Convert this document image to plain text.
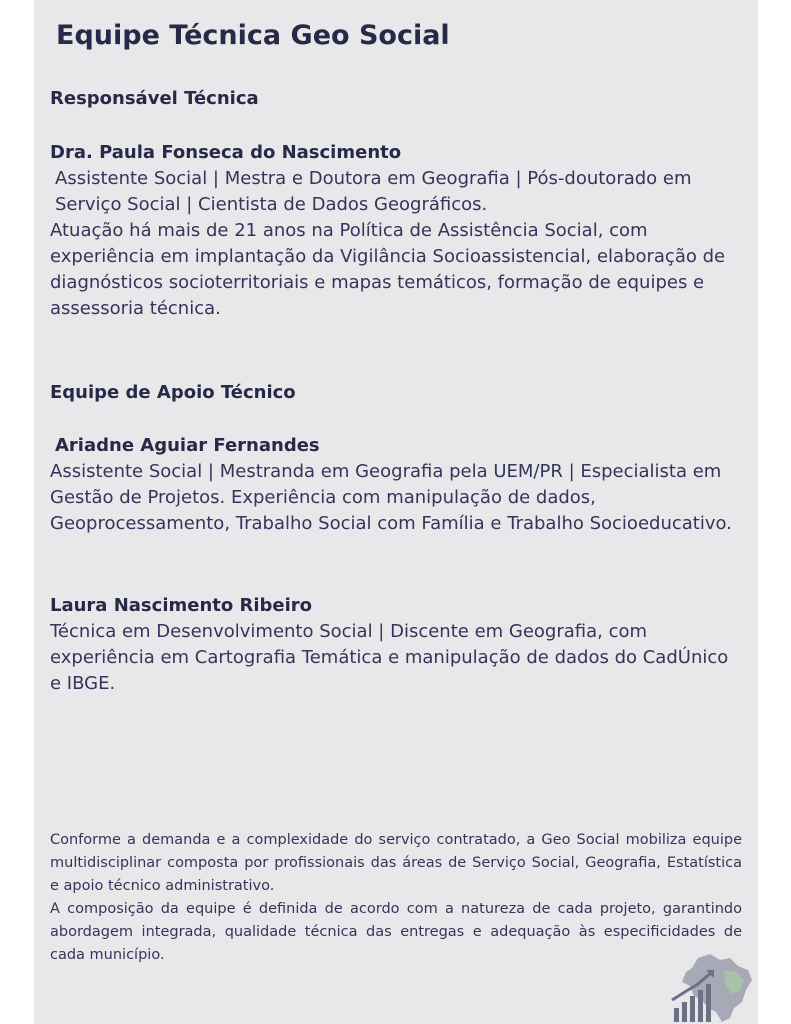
Equipe Técnica Geo Social
Responsável Técnica
Dra. Paula Fonseca do Nascimento

Assistente Social | Mestra e Doutora em Geografia | Pós-doutorado em Serviço Social | Cientista de Dados Geográficos.

Atuação há mais de 21 anos na Política de Assistência Social, com experiência em implantação da Vigilância Socioassistencial, elaboração de diagnósticos socioterritoriais e mapas temáticos, formação de equipes e assessoria técnica.

Equipe de Apoio Técnico
Ariadne Aguiar Fernandes

Assistente Social | Mestranda em Geografia pela UEM/PR | Especialista em Gestão de Projetos. Experiência com manipulação de dados, Geoprocessamento, Trabalho Social com Família e Trabalho Socioeducativo.

Laura Nascimento Ribeiro

Técnica em Desenvolvimento Social | Discente em Geografia, com experiência em Cartografia Temática e manipulação de dados do CadÚnico e IBGE.

Conforme a demanda e a complexidade do serviço contratado, a Geo Social mobiliza equipe multidisciplinar composta por profissionais das áreas de Serviço Social, Geografia, Estatística e apoio técnico administrativo.

A composição da equipe é definida de acordo com a natureza de cada projeto, garantindo abordagem integrada, qualidade técnica das entregas e adequação às especificidades de cada município.
